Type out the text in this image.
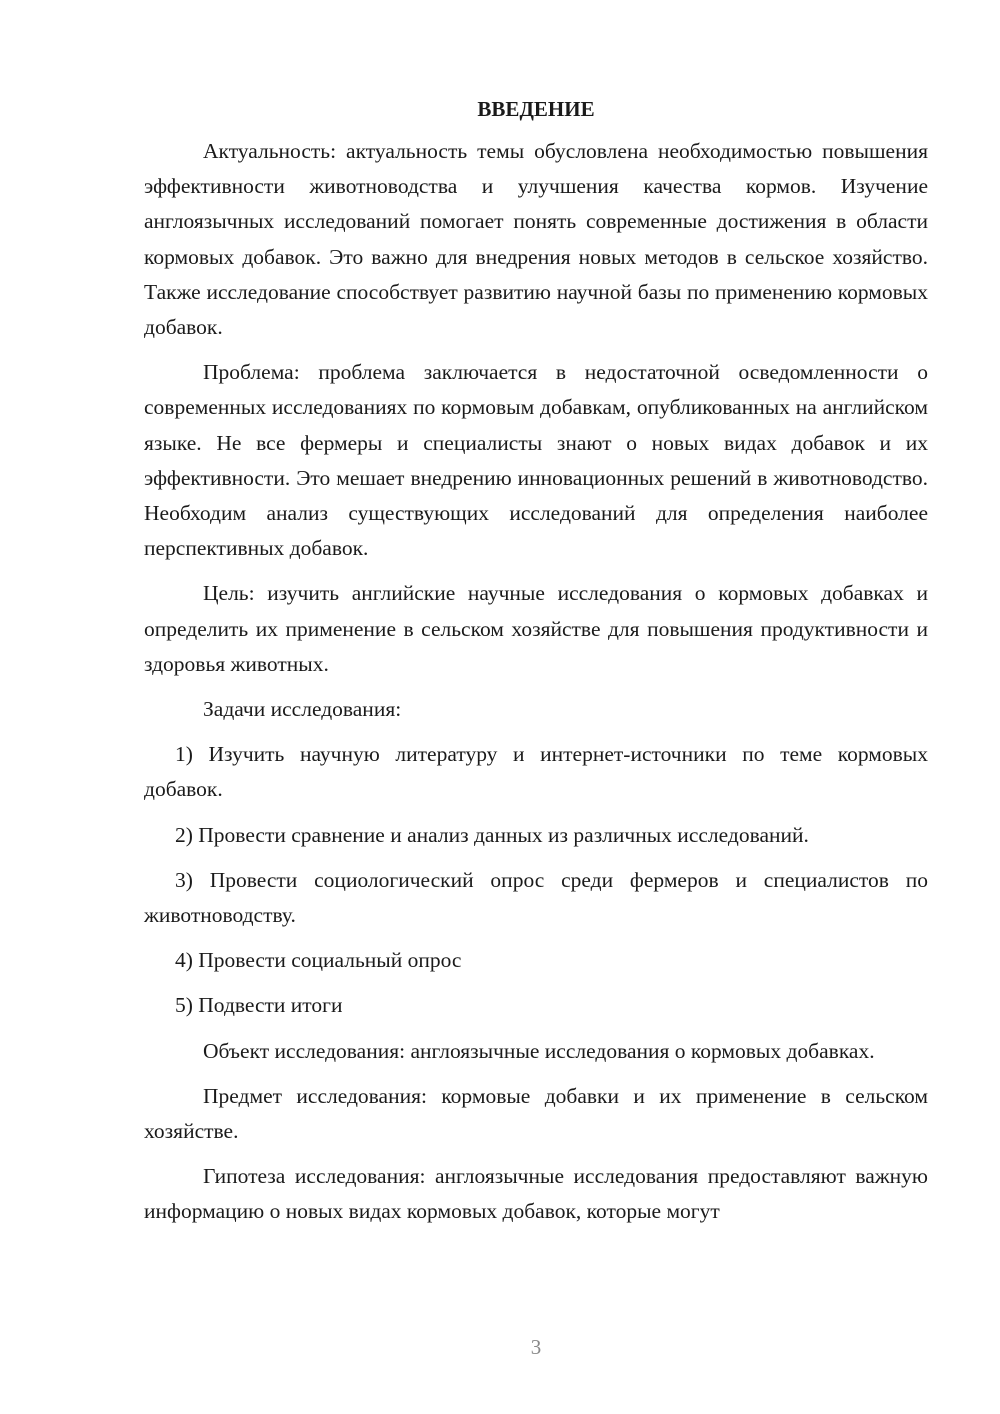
ВВЕДЕНИЕ

Актуальность: актуальность темы обусловлена необходимостью повышения эффективности животноводства и улучшения качества кормов. Изучение англоязычных исследований помогает понять современные достижения в области кормовых добавок. Это важно для внедрения новых методов в сельское хозяйство. Также исследование способствует развитию научной базы по применению кормовых добавок.

Проблема: проблема заключается в недостаточной осведомленности о современных исследованиях по кормовым добавкам, опубликованных на английском языке. Не все фермеры и специалисты знают о новых видах добавок и их эффективности. Это мешает внедрению инновационных решений в животноводство. Необходим анализ существующих исследований для определения наиболее перспективных добавок.

Цель: изучить английские научные исследования о кормовых добавках и определить их применение в сельском хозяйстве для повышения продуктивности и здоровья животных.

Задачи исследования:

1) Изучить научную литературу и интернет-источники по теме кормовых добавок.

2) Провести сравнение и анализ данных из различных исследований.

3) Провести социологический опрос среди фермеров и специалистов по животноводству.

4) Провести социальный опрос

5) Подвести итоги

Объект исследования: англоязычные исследования о кормовых добавках.

Предмет исследования: кормовые добавки и их применение в сельском хозяйстве.

Гипотеза исследования: англоязычные исследования предоставляют важную информацию о новых видах кормовых добавок, которые могут

3
